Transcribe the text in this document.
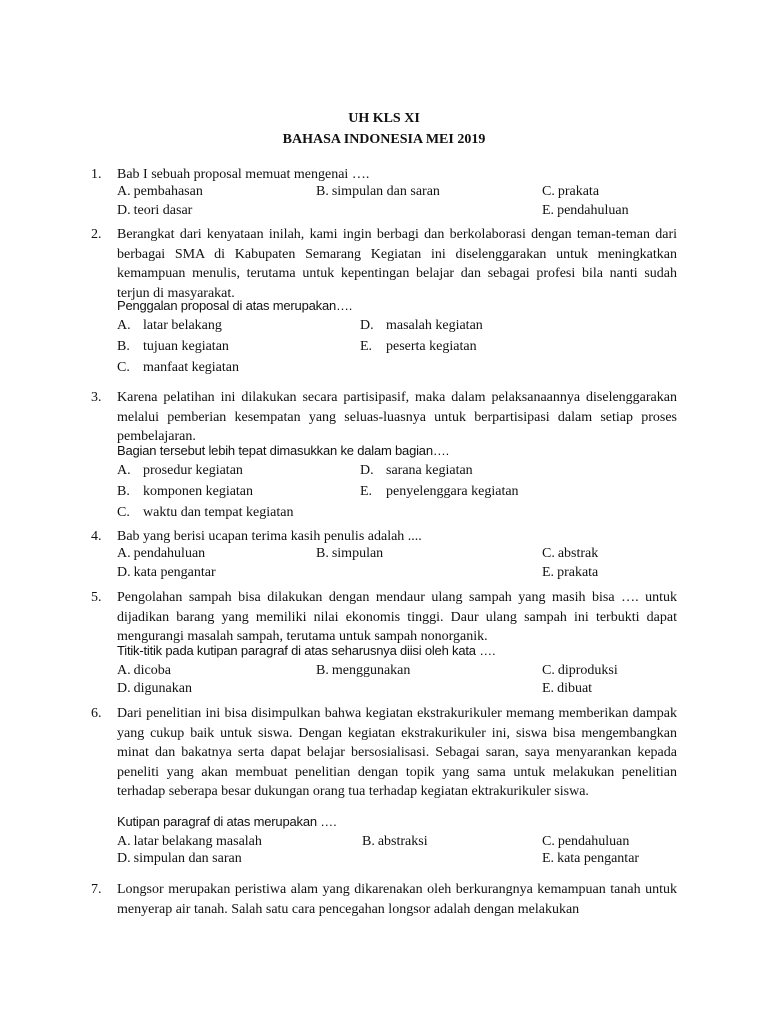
UH KLS XI
BAHASA INDONESIA MEI 2019
1. Bab I sebuah proposal memuat mengenai ….
A. pembahasan	B. simpulan dan saran	C. prakata
D. teori dasar	E. pendahuluan
2. Berangkat dari kenyataan inilah, kami ingin berbagi dan berkolaborasi dengan teman-teman dari berbagai SMA di Kabupaten Semarang Kegiatan ini diselenggarakan untuk meningkatkan kemampuan menulis, terutama untuk kepentingan belajar dan sebagai profesi bila nanti sudah terjun di masyarakat.
Penggalan proposal di atas merupakan….
A. latar belakang	D. masalah kegiatan
B. tujuan kegiatan	E. peserta kegiatan
C. manfaat kegiatan
3. Karena pelatihan ini dilakukan secara partisipasif, maka dalam pelaksanaannya diselenggarakan melalui pemberian kesempatan yang seluas-luasnya untuk berpartisipasi dalam setiap proses pembelajaran.
Bagian tersebut lebih tepat dimasukkan ke dalam bagian….
A. prosedur kegiatan	D. sarana kegiatan
B. komponen kegiatan	E. penyelenggara kegiatan
C. waktu dan tempat kegiatan
4. Bab yang berisi ucapan terima kasih penulis adalah ....
A. pendahuluan	B. simpulan	C. abstrak
D. kata pengantar	E. prakata
5. Pengolahan sampah bisa dilakukan dengan mendaur ulang sampah yang masih bisa …. untuk dijadikan barang yang memiliki nilai ekonomis tinggi. Daur ulang sampah ini terbukti dapat mengurangi masalah sampah, terutama untuk sampah nonorganik.
Titik-titik pada kutipan paragraf di atas seharusnya diisi oleh kata ….
A. dicoba	B. menggunakan	C. diproduksi
D. digunakan	E. dibuat
6. Dari penelitian ini bisa disimpulkan bahwa kegiatan ekstrakurikuler memang memberikan dampak yang cukup baik untuk siswa. Dengan kegiatan ekstrakurikuler ini, siswa bisa mengembangkan minat dan bakatnya serta dapat belajar bersosialisasi. Sebagai saran, saya menyarankan kepada peneliti yang akan membuat penelitian dengan topik yang sama untuk melakukan penelitian terhadap seberapa besar dukungan orang tua terhadap kegiatan ektrakurikuler siswa.
Kutipan paragraf di atas merupakan ….
A. latar belakang masalah	B. abstraksi	C. pendahuluan
D. simpulan dan saran	E. kata pengantar
7. Longsor merupakan peristiwa alam yang dikarenakan oleh berkurangnya kemampuan tanah untuk menyerap air tanah. Salah satu cara pencegahan longsor adalah dengan melakukan
